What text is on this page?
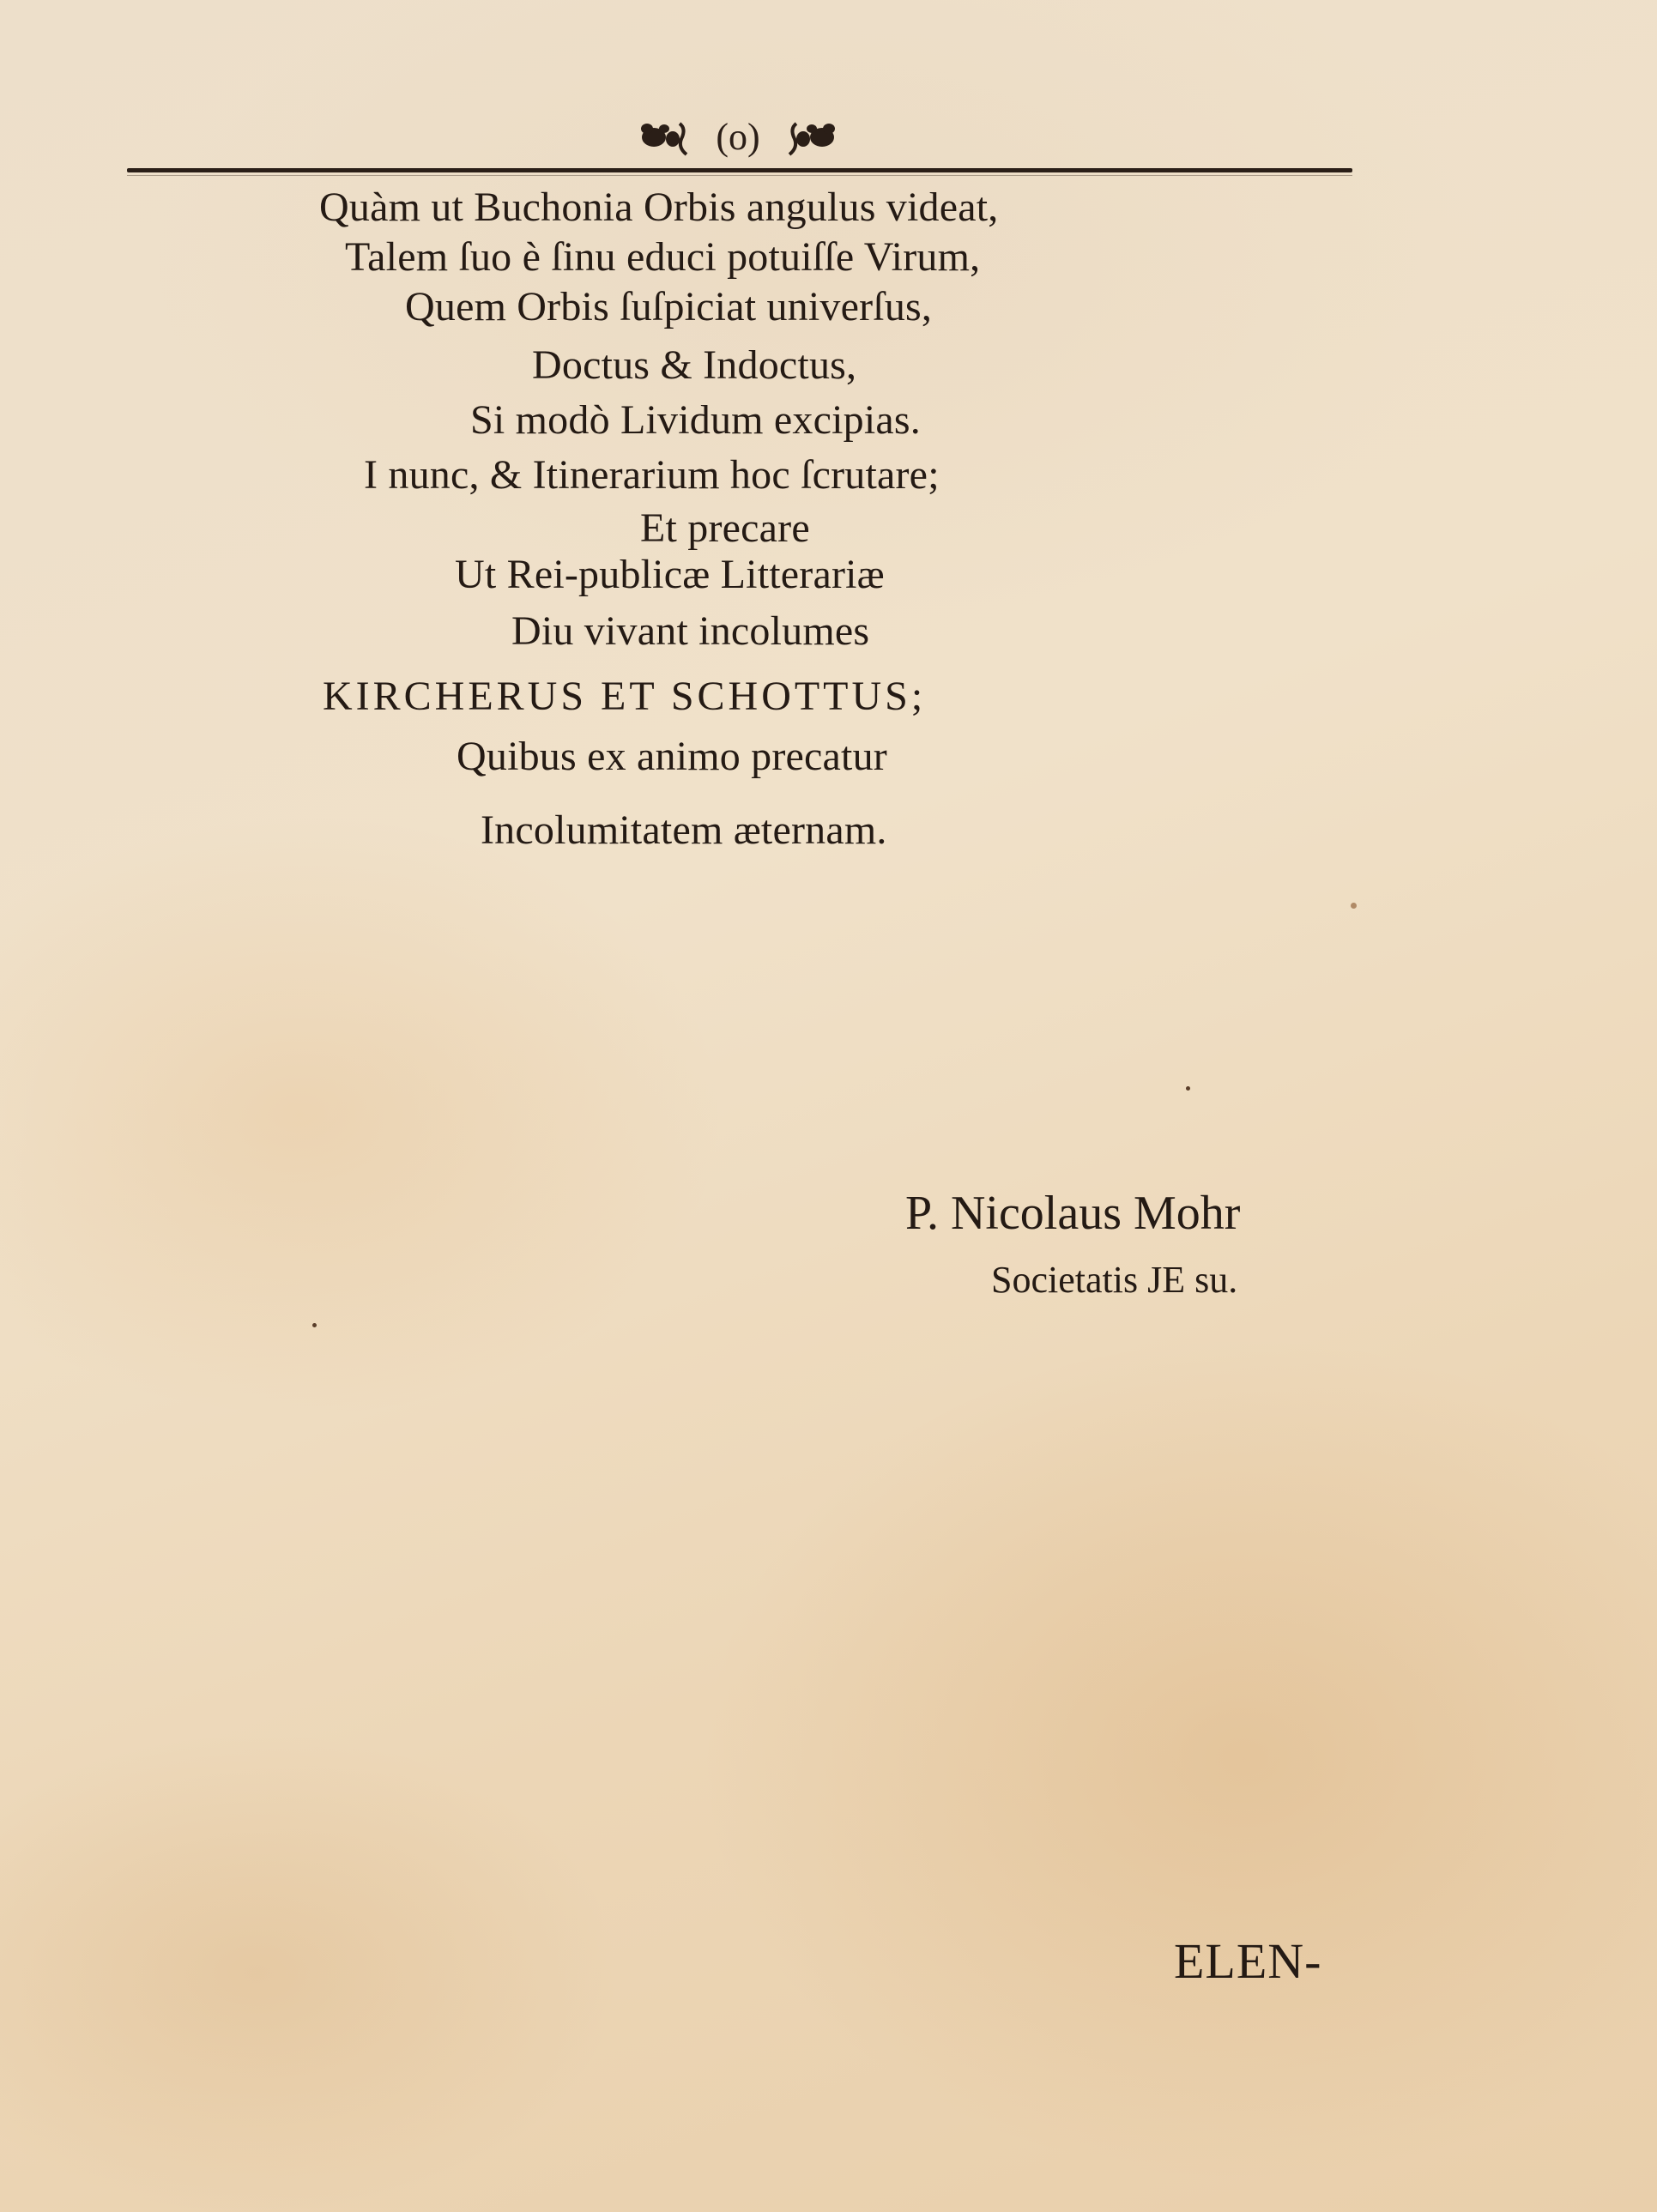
(o)
Quàm ut Buchonia Orbis angulus videat,
Talem ſuo è ſinu educi potuiſſe Virum,
Quem Orbis ſuſpiciat univerſus,
Doctus & Indoctus,
Si modò Lividum excipias.
I nunc, & Itinerarium hoc ſcrutare;
Et precare
Ut Rei-publicæ Litterariæ
Diu vivant incolumes
KIRCHERUS ET SCHOTTUS;
Quibus ex animo precatur
Incolumitatem æternam.
P. Nicolaus Mohr
Societatis JE su.
ELEN-
